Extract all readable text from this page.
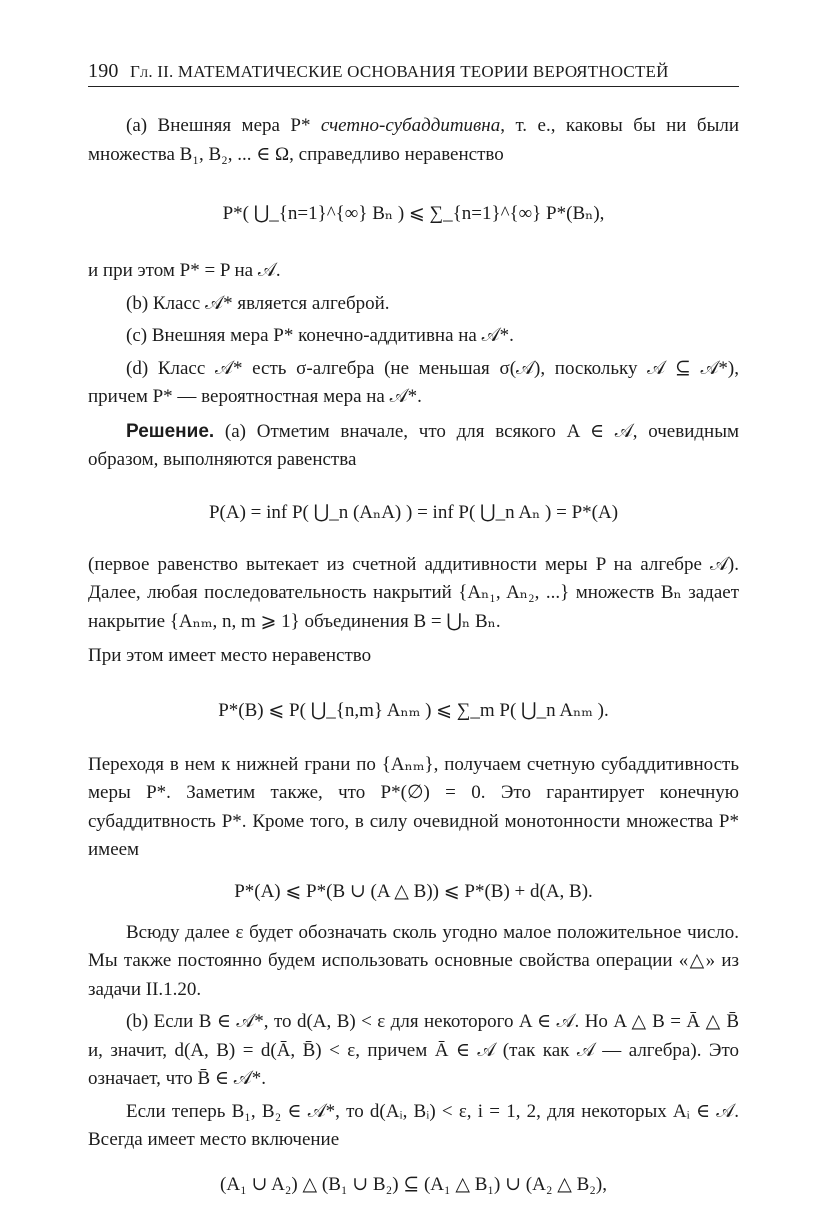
190 Гл. II. МАТЕМАТИЧЕСКИЕ ОСНОВАНИЯ ТЕОРИИ ВЕРОЯТНОСТЕЙ

(а) Внешняя мера P* счетно-субаддитивна, т. е., каковы бы ни были множества B₁, B₂, ... ∈ Ω, справедливо неравенство

P*( ⋃_{n=1}^{∞} Bₙ ) ⩽ ∑_{n=1}^{∞} P*(Bₙ),

и при этом P* = P на 𝒜.

(b) Класс 𝒜* является алгеброй.

(c) Внешняя мера P* конечно-аддитивна на 𝒜*.

(d) Класс 𝒜* есть σ-алгебра (не меньшая σ(𝒜), поскольку 𝒜 ⊆ 𝒜*), причем P* — вероятностная мера на 𝒜*.

Решение. (a) Отметим вначале, что для всякого A ∈ 𝒜, очевидным образом, выполняются равенства

P(A) = inf P( ⋃_n (AₙA) ) = inf P( ⋃_n Aₙ ) = P*(A)

(первое равенство вытекает из счетной аддитивности меры P на алгебре 𝒜). Далее, любая последовательность накрытий {Aₙ₁, Aₙ₂, ...} множеств Bₙ задает накрытие {Aₙₘ, n, m ⩾ 1} объединения B = ⋃ₙ Bₙ.

При этом имеет место неравенство

P*(B) ⩽ P( ⋃_{n,m} Aₙₘ ) ⩽ ∑_m P( ⋃_n Aₙₘ ).

Переходя в нем к нижней грани по {Aₙₘ}, получаем счетную субаддитивность меры P*. Заметим также, что P*(∅) = 0. Это гарантирует конечную субаддитвность P*. Кроме того, в силу очевидной монотонности множества P* имеем

P*(A) ⩽ P*(B ∪ (A △ B)) ⩽ P*(B) + d(A, B).

Всюду далее ε будет обозначать сколь угодно малое положительное число. Мы также постоянно будем использовать основные свойства операции «△» из задачи II.1.20.

(b) Если B ∈ 𝒜*, то d(A, B) < ε для некоторого A ∈ 𝒜. Но A △ B = Ā △ B̄ и, значит, d(A, B) = d(Ā, B̄) < ε, причем Ā ∈ 𝒜 (так как 𝒜 — алгебра). Это означает, что B̄ ∈ 𝒜*.

Если теперь B₁, B₂ ∈ 𝒜*, то d(Aᵢ, Bᵢ) < ε, i = 1, 2, для некоторых Aᵢ ∈ 𝒜. Всегда имеет место включение

(A₁ ∪ A₂) △ (B₁ ∪ B₂) ⊆ (A₁ △ B₁) ∪ (A₂ △ B₂),
